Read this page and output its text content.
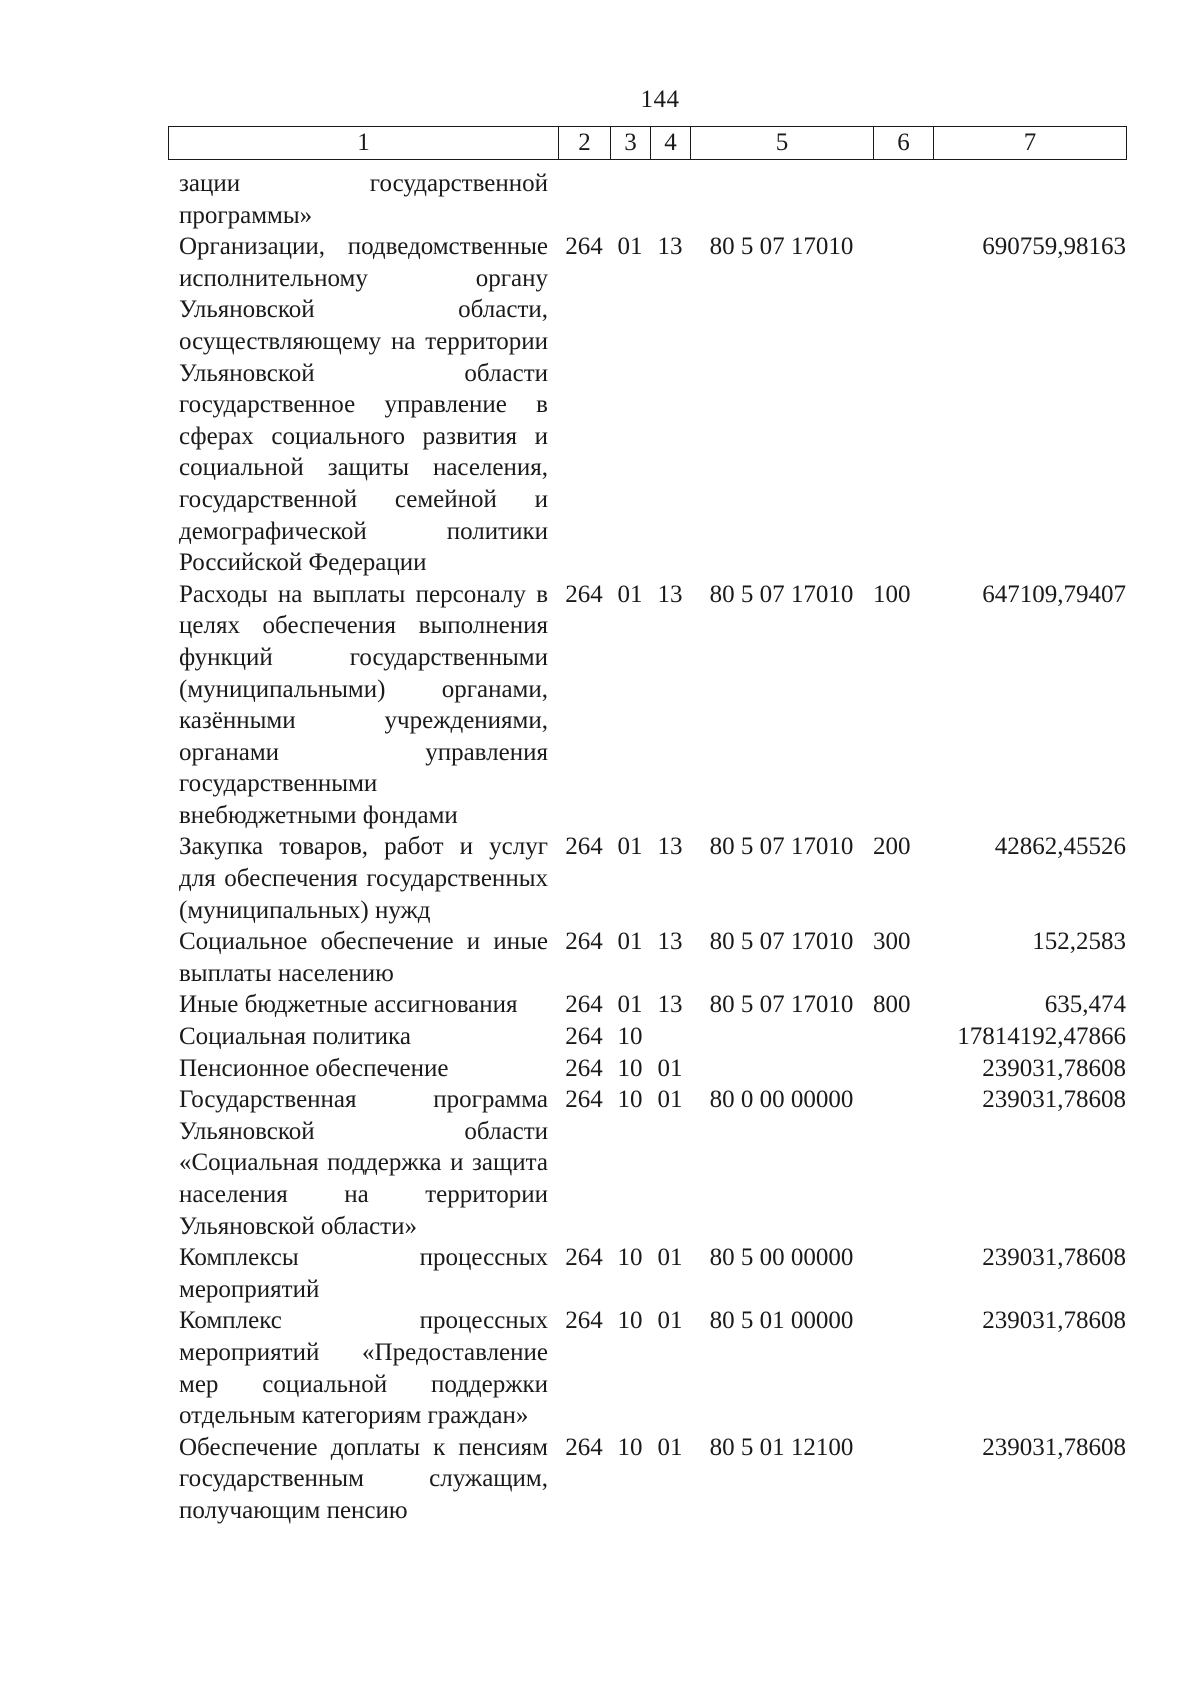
144
1	2	3	4	5	6	7
зации государственной программы»						

Организации, подведомственные исполнительному органу Ульяновской области, осуществляющему на территории Ульяновской области государственное управление в сферах социального развития и социальной защиты населения, государственной семейной и демографической политики Российской Федерации	264	01	13	80 5 07 17010		690759,98163

Расходы на выплаты персоналу в целях обеспечения выполнения функций государственными (муниципальными) органами, казёнными учреждениями, органами управления государственными внебюджетными фондами	264	01	13	80 5 07 17010	100	647109,79407

Закупка товаров, работ и услуг для обеспечения государственных (муниципальных) нужд	264	01	13	80 5 07 17010	200	42862,45526

Социальное обеспечение и иные выплаты населению	264	01	13	80 5 07 17010	300	152,2583

Иные бюджетные ассигнования	264	01	13	80 5 07 17010	800	635,474

Социальная политика	264	10				17814192,47866

Пенсионное обеспечение	264	10	01			239031,78608

Государственная программа Ульяновской области «Социальная поддержка и защита населения на территории Ульяновской области»	264	10	01	80 0 00 00000		239031,78608

Комплексы процессных мероприятий	264	10	01	80 5 00 00000		239031,78608

Комплекс процессных мероприятий «Предоставление мер социальной поддержки отдельным категориям граждан»	264	10	01	80 5 01 00000		239031,78608

Обеспечение доплаты к пенсиям государственным служащим, получающим пенсию	264	10	01	80 5 01 12100		239031,78608
